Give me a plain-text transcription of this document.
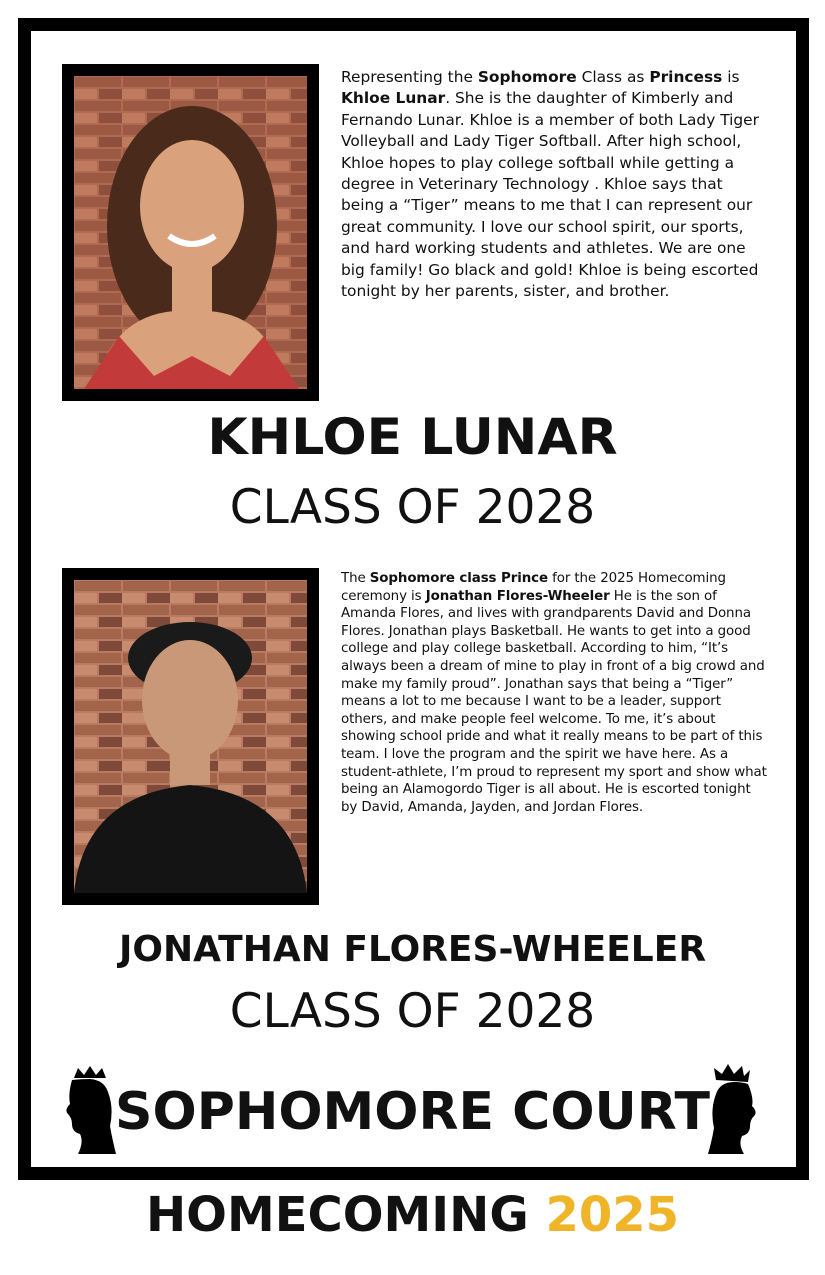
Representing the Sophomore Class as Princess is Khloe Lunar. She is the daughter of Kimberly and Fernando Lunar. Khloe is a member of both Lady Tiger Volleyball and Lady Tiger Softball. After high school, Khloe hopes to play college softball while getting a degree in Veterinary Technology . Khloe says that being a “Tiger” means to me that I can represent our great community. I love our school spirit, our sports, and hard working students and athletes. We are one big family! Go black and gold! Khloe is being escorted tonight by her parents, sister, and brother.

KHLOE LUNAR
CLASS OF 2028

The Sophomore class Prince for the 2025 Homecoming ceremony is Jonathan Flores-Wheeler He is the son of Amanda Flores, and lives with grandparents David and Donna Flores. Jonathan plays Basketball. He wants to get into a good college and play college basketball. According to him, “It’s always been a dream of mine to play in front of a big crowd and make my family proud”. Jonathan says that being a “Tiger” means a lot to me because I want to be a leader, support others, and make people feel welcome. To me, it’s about showing school pride and what it really means to be part of this team. I love the program and the spirit we have here. As a student-athlete, I’m proud to represent my sport and show what being an Alamogordo Tiger is all about. He is escorted tonight by David, Amanda, Jayden, and Jordan Flores.

JONATHAN FLORES-WHEELER
CLASS OF 2028
SOPHOMORE COURT
HOMECOMING 2025
